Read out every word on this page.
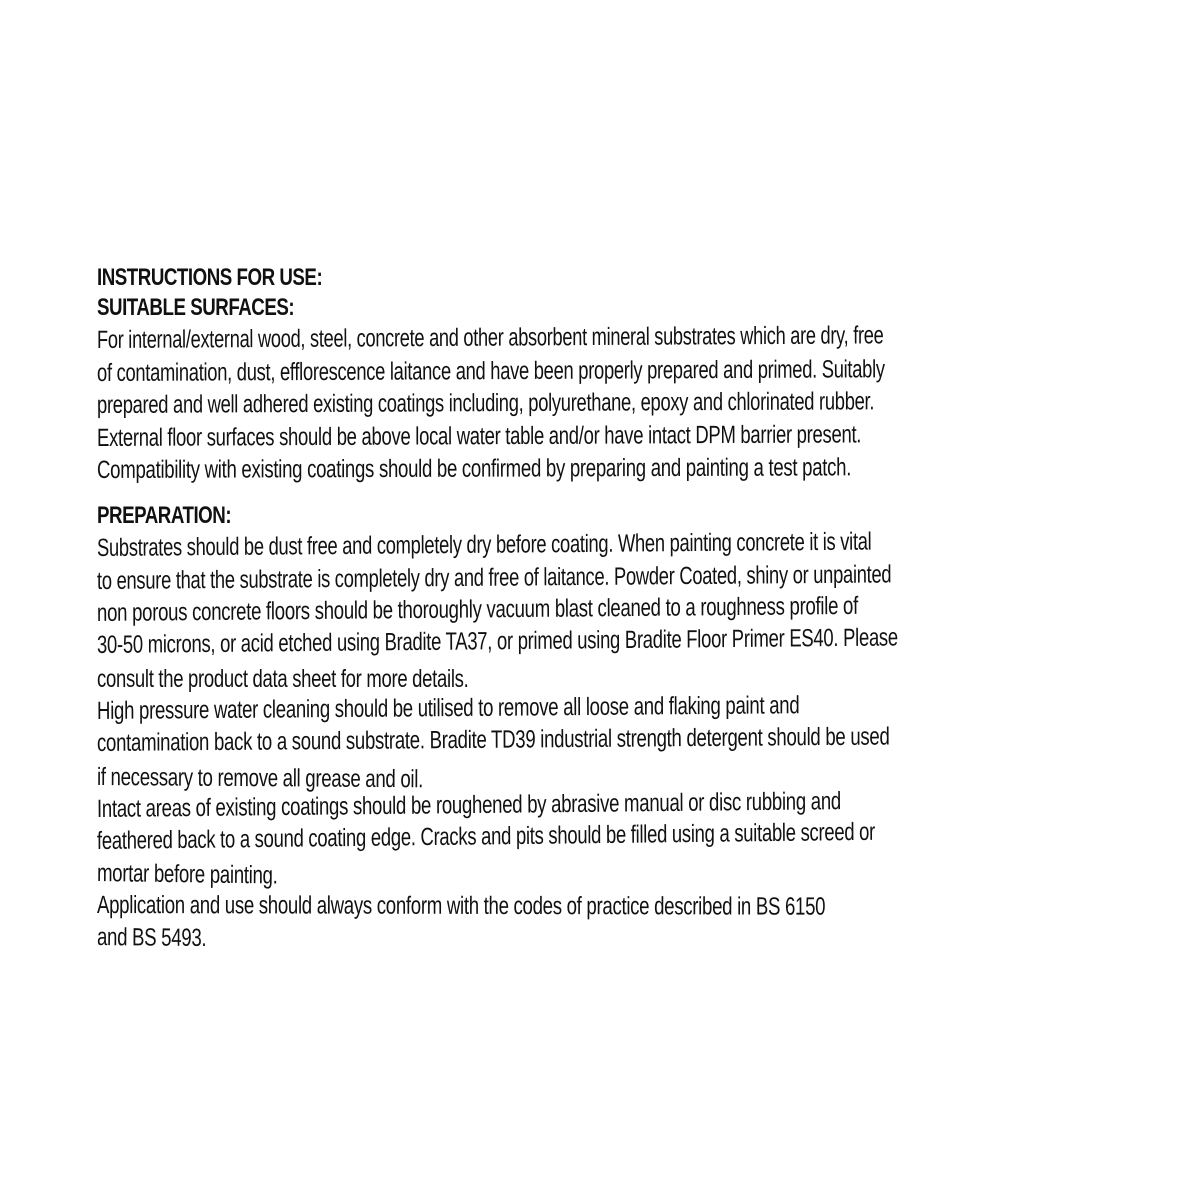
INSTRUCTIONS FOR USE:
SUITABLE SURFACES:
For internal/external wood, steel, concrete and other absorbent mineral substrates which are dry, free
of contamination, dust, efflorescence laitance and have been properly prepared and primed. Suitably
prepared and well adhered existing coatings including, polyurethane, epoxy and chlorinated rubber.
External floor surfaces should be above local water table and/or have intact DPM barrier present.
Compatibility with existing coatings should be confirmed by preparing and painting a test patch.
PREPARATION:
Substrates should be dust free and completely dry before coating. When painting concrete it is vital
to ensure that the substrate is completely dry and free of laitance. Powder Coated, shiny or unpainted
non porous concrete floors should be thoroughly vacuum blast cleaned to a roughness profile of
30-50 microns, or acid etched using Bradite TA37, or primed using Bradite Floor Primer ES40. Please
consult the product data sheet for more details.
High pressure water cleaning should be utilised to remove all loose and flaking paint and
contamination back to a sound substrate. Bradite TD39 industrial strength detergent should be used
if necessary to remove all grease and oil.
Intact areas of existing coatings should be roughened by abrasive manual or disc rubbing and
feathered back to a sound coating edge. Cracks and pits should be filled using a suitable screed or
mortar before painting.
Application and use should always conform with the codes of practice described in BS 6150
and BS 5493.
